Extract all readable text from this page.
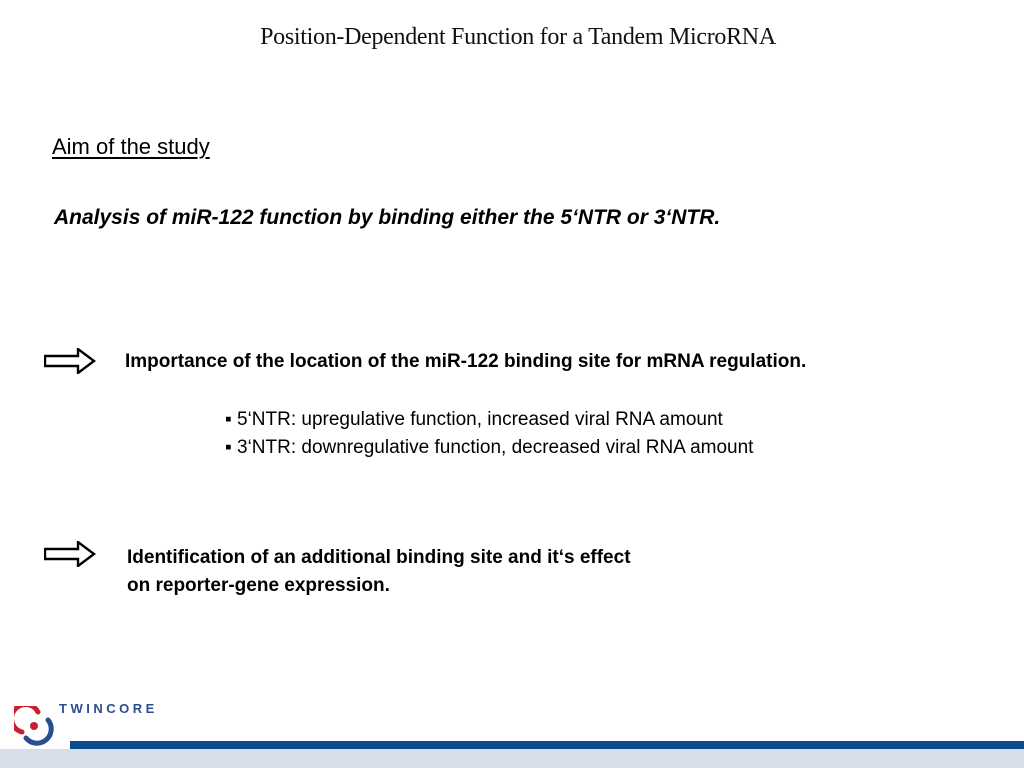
Position-Dependent Function for a Tandem MicroRNA
Aim of the study
Analysis of miR-122 function by binding either the 5‘NTR or 3‘NTR.
Importance of the location of the miR-122 binding site for mRNA regulation.
▪ 5‘NTR: upregulative function, increased viral RNA amount
▪ 3‘NTR: downregulative function, decreased viral RNA amount
Identification of an additional binding site and it‘s effect
on reporter-gene expression.
TWINCORE
